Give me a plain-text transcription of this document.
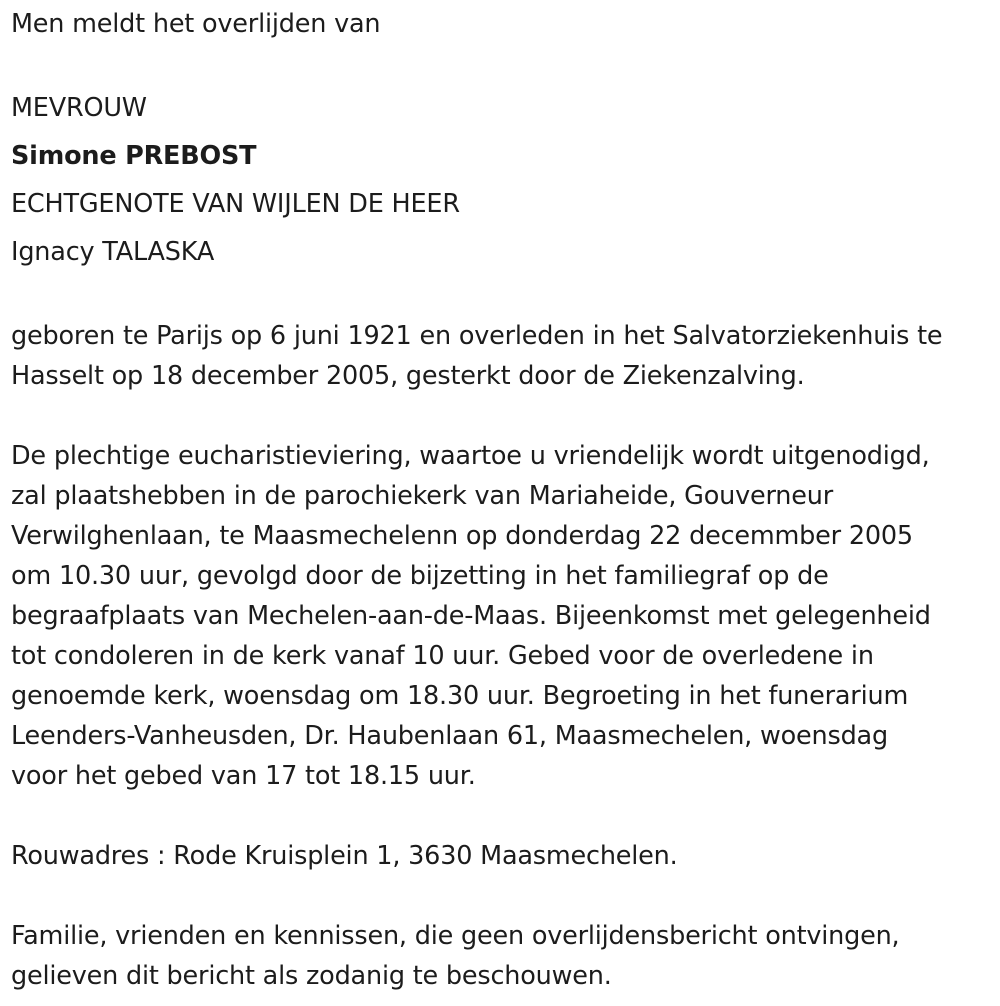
Men meldt het overlijden van
MEVROUW
Simone PREBOST
ECHTGENOTE VAN WIJLEN DE HEER
Ignacy TALASKA
geboren te Parijs op 6 juni 1921 en overleden in het Salvatorziekenhuis te
Hasselt op 18 december 2005, gesterkt door de Ziekenzalving.
De plechtige eucharistieviering, waartoe u vriendelijk wordt uitgenodigd,
zal plaatshebben in de parochiekerk van Mariaheide, Gouverneur
Verwilghenlaan, te Maasmechelenn op donderdag 22 decemmber 2005
om 10.30 uur, gevolgd door de bijzetting in het familiegraf op de
begraafplaats van Mechelen-aan-de-Maas. Bijeenkomst met gelegenheid
tot condoleren in de kerk vanaf 10 uur. Gebed voor de overledene in
genoemde kerk, woensdag om 18.30 uur. Begroeting in het funerarium
Leenders-Vanheusden, Dr. Haubenlaan 61, Maasmechelen, woensdag
voor het gebed van 17 tot 18.15 uur.
Rouwadres : Rode Kruisplein 1, 3630 Maasmechelen.
Familie, vrienden en kennissen, die geen overlijdensbericht ontvingen,
gelieven dit bericht als zodanig te beschouwen.
